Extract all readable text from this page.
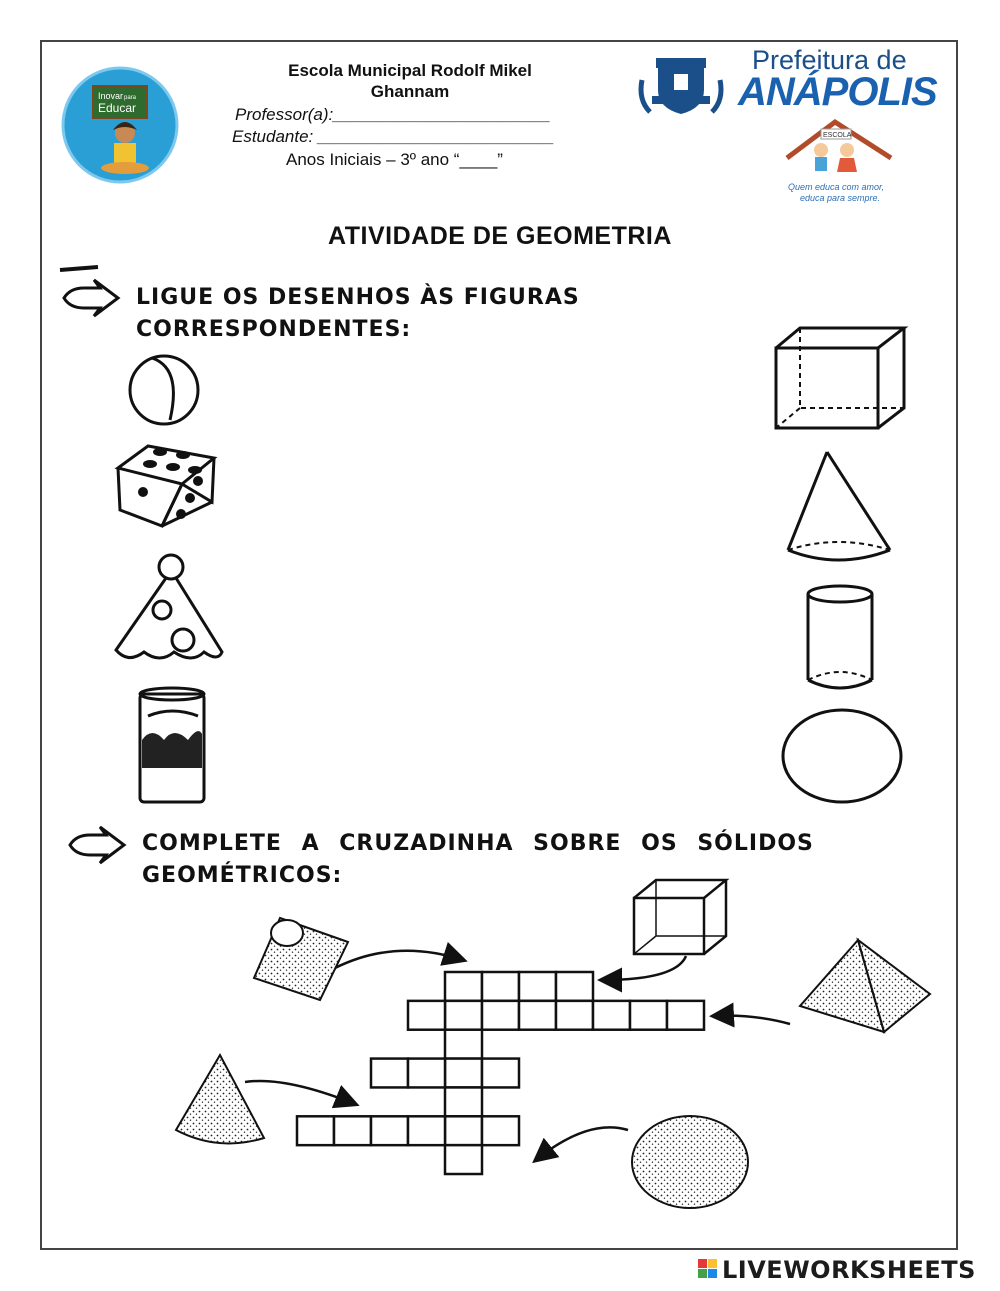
Escola Municipal Rodolf Mikel
Ghannam
Professor(a):_______________________
Estudante: _________________________
Anos Iniciais – 3º ano “____”
Prefeitura de
ANÁPOLIS
ATIVIDADE DE GEOMETRIA
LIGUE OS DESENHOS ÀS FIGURAS
CORRESPONDENTES:
COMPLETE A CRUZADINHA SOBRE OS SÓLIDOS
GEOMÉTRICOS:
LIVEWORKSHEETS
Inovar para
Educar
ESCOLA
Quem educa com amor,
educa para sempre.
